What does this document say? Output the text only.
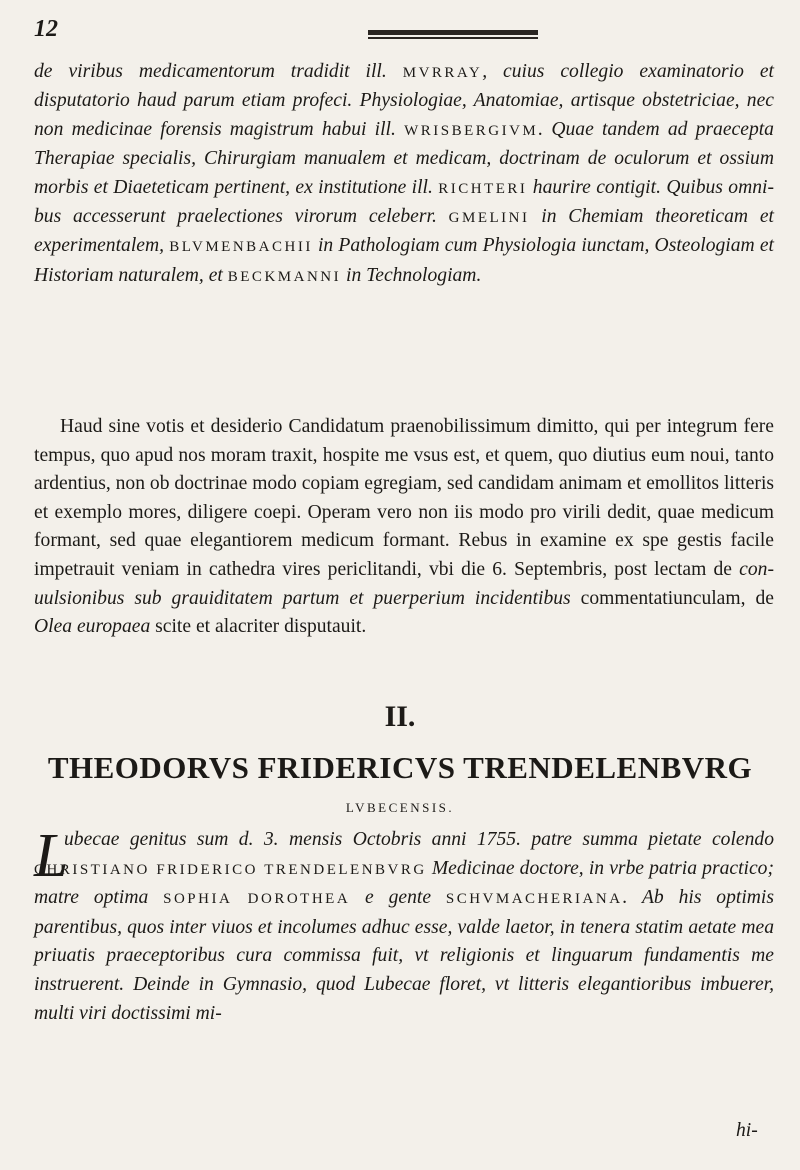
12
de viribus medicamentorum tradidit ill. MVRRAY, cuius collegio examinatorio et disputatorio haud parum etiam profeci. Physiologiae, Anatomiae, artisque obstetriciae, nec non medicinae forensis magistrum habui ill. WRISBERGIVM. Quae tandem ad praecepta Therapiae specialis, Chirurgiam manualem et medicam, doctrinam de oculorum et ossium morbis et Diaeteticam pertinent, ex institutione ill. RICHTERI haurire contigit. Quibus omnibus accesserunt praelectiones virorum celeberr. GMELINI in Chemiam theoreticam et experimentalem, BLVMENBACHII in Pathologiam cum Physiologia iunctam, Osteologiam et Historiam naturalem, et BECKMANNI in Technologiam.
Haud sine votis et desiderio Candidatum praenobilissimum dimitto, qui per integrum fere tempus, quo apud nos moram traxit, hospite me vsus est, et quem, quo diutius eum noui, tanto ardentius, non ob doctrinae modo copiam egregiam, sed candidam animam et emollitos litteris et exemplo mores, diligere coepi. Operam vero non iis modo pro virili dedit, quae medicum formant, sed quae elegantiorem medicum formant. Rebus in examine ex spe gestis facile impetrauit veniam in cathedra vires periclitandi, vbi die 6. Septembris, post lectam de conuulsionibus sub grauiditatem partum et puerperium incidentibus commentatiunculam, de Olea europaea scite et alacriter disputauit.
II.
THEODORVS FRIDERICVS TRENDELENBVRG
LVBECENSIS.
L
ubecae genitus sum d. 3. mensis Octobris anni 1755. patre summa pietate colendo CHRISTIANO FRIDERICO TRENDELENBVRG Medicinae doctore, in vrbe patria practico; matre optima SOPHIA DOROTHEA e gente SCHVMACHERIANA. Ab his optimis parentibus, quos inter viuos et incolumes adhuc esse, valde laetor, in tenera statim aetate mea priuatis praeceptoribus cura commissa fuit, vt religionis et linguarum fundamentis me instruerent. Deinde in Gymnasio, quod Lubecae floret, vt litteris elegantioribus imbuerer, multi viri doctissimi mi-
hi-
